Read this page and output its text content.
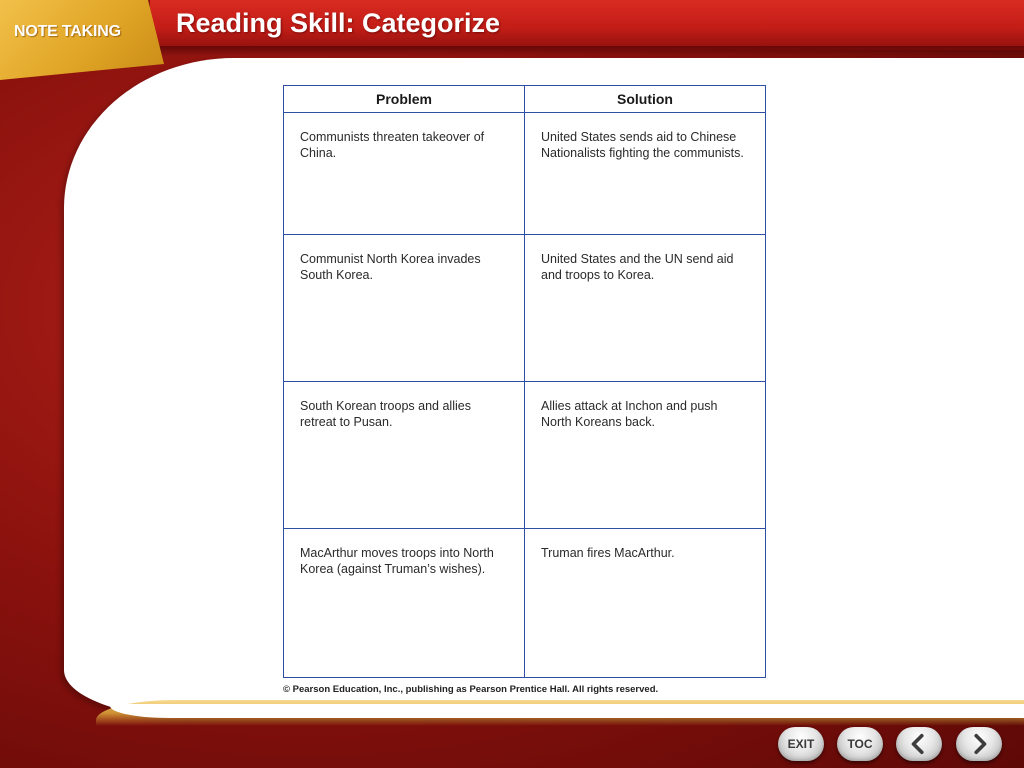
NOTE TAKING Reading Skill: Categorize
Problem	Solution

Communists threaten takeover of China.	United States sends aid to Chinese Nationalists fighting the communists.

Communist North Korea invades South Korea.	United States and the UN send aid and troops to Korea.

South Korean troops and allies retreat to Pusan.	Allies attack at Inchon and push North Koreans back.

MacArthur moves troops into North Korea (against Truman’s wishes).	Truman fires MacArthur.
© Pearson Education, Inc., publishing as Pearson Prentice Hall. All rights reserved.
EXIT	TOC
